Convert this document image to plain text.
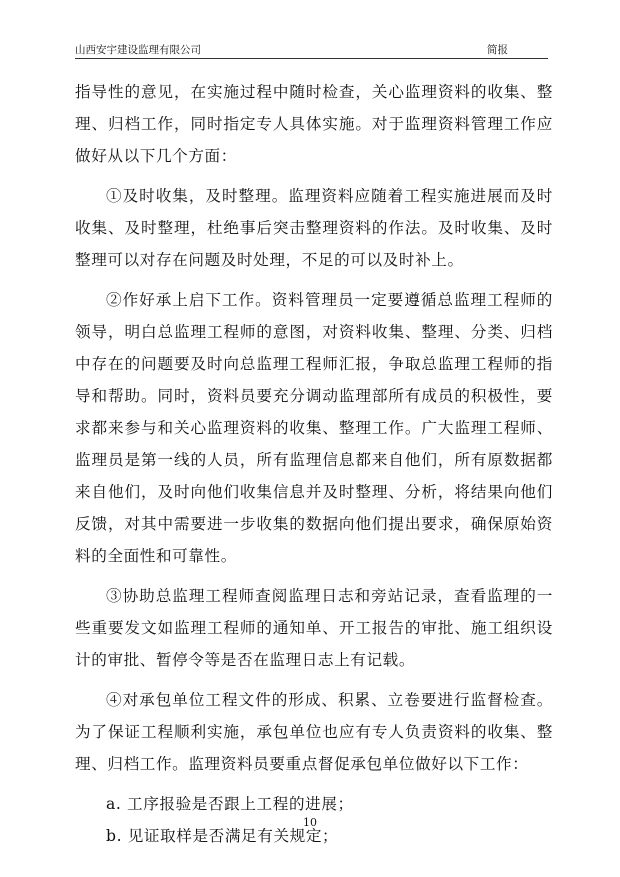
山西安宇建设监理有限公司	简报

指导性的意见，在实施过程中随时检查，关心监理资料的收集、整理、归档工作，同时指定专人具体实施。对于监理资料管理工作应做好从以下几个方面：

①及时收集，及时整理。监理资料应随着工程实施进展而及时收集、及时整理，杜绝事后突击整理资料的作法。及时收集、及时整理可以对存在问题及时处理，不足的可以及时补上。

②作好承上启下工作。资料管理员一定要遵循总监理工程师的领导，明白总监理工程师的意图，对资料收集、整理、分类、归档中存在的问题要及时向总监理工程师汇报，争取总监理工程师的指导和帮助。同时，资料员要充分调动监理部所有成员的积极性，要求都来参与和关心监理资料的收集、整理工作。广大监理工程师、监理员是第一线的人员，所有监理信息都来自他们，所有原数据都来自他们，及时向他们收集信息并及时整理、分析，将结果向他们反馈，对其中需要进一步收集的数据向他们提出要求，确保原始资料的全面性和可靠性。

③协助总监理工程师查阅监理日志和旁站记录，查看监理的一些重要发文如监理工程师的通知单、开工报告的审批、施工组织设计的审批、暂停令等是否在监理日志上有记载。

④对承包单位工程文件的形成、积累、立卷要进行监督检查。为了保证工程顺利实施，承包单位也应有专人负责资料的收集、整理、归档工作。监理资料员要重点督促承包单位做好以下工作：

a. 工序报验是否跟上工程的进展；

b. 见证取样是否满足有关规定；

10
